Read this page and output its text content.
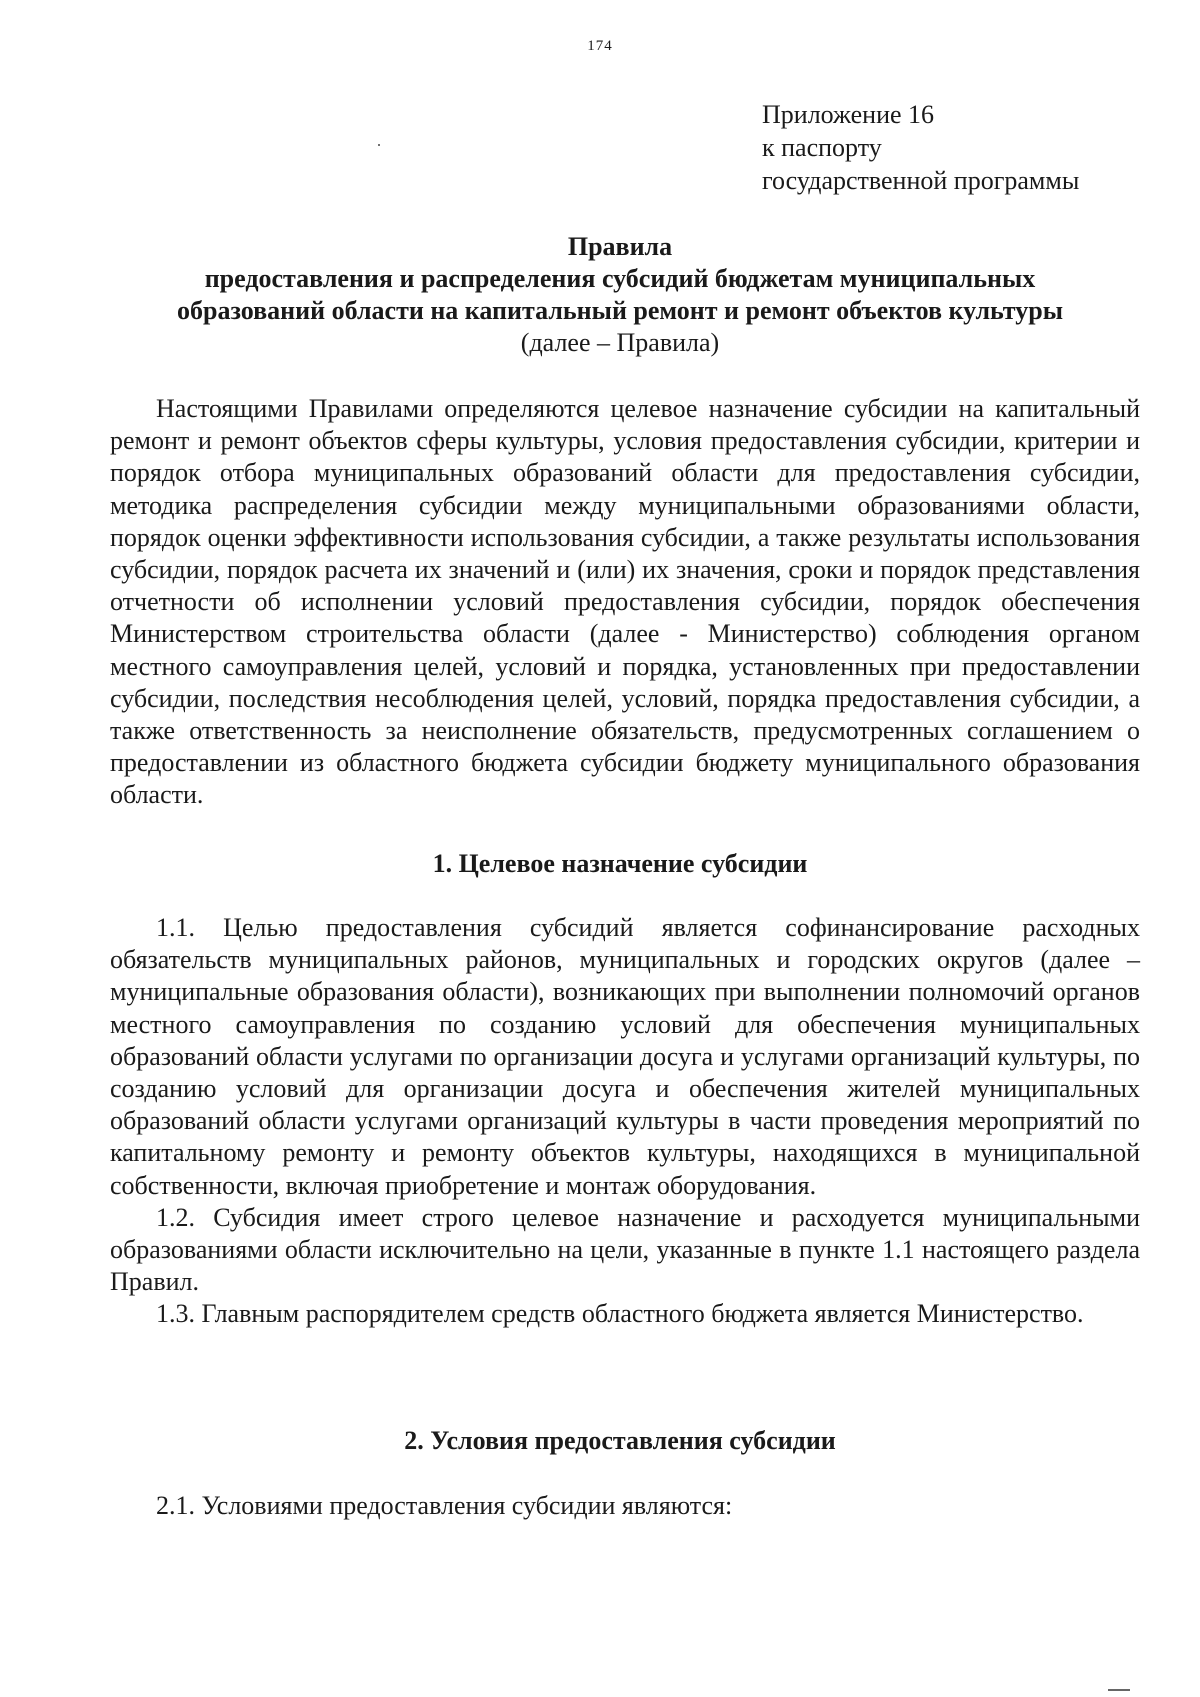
174
Приложение 16
к паспорту
государственной программы
Правила
предоставления и распределения субсидий бюджетам муниципальных
образований области на капитальный ремонт и ремонт объектов культуры
(далее – Правила)

Настоящими Правилами определяются целевое назначение субсидии на капитальный ремонт и ремонт объектов сферы культуры, условия предоставления субсидии, критерии и порядок отбора муниципальных образований области для предоставления субсидии, методика распределения субсидии между муниципальными образованиями области, порядок оценки эффективности использования субсидии, а также результаты использования субсидии, порядок расчета их значений и (или) их значения, сроки и порядок представления отчетности об исполнении условий предоставления субсидии, порядок обеспечения Министерством строительства области (далее - Министерство) соблюдения органом местного самоуправления целей, условий и порядка, установленных при предоставлении субсидии, последствия несоблюдения целей, условий, порядка предоставления субсидии, а также ответственность за неисполнение обязательств, предусмотренных соглашением о предоставлении из областного бюджета субсидии бюджету муниципального образования области.

1. Целевое назначение субсидии

1.1. Целью предоставления субсидий является софинансирование расходных обязательств муниципальных районов, муниципальных и городских округов (далее – муниципальные образования области), возникающих при выполнении полномочий органов местного самоуправления по созданию условий для обеспечения муниципальных образований области услугами по организации досуга и услугами организаций культуры, по созданию условий для организации досуга и обеспечения жителей муниципальных образований области услугами организаций культуры в части проведения мероприятий по капитальному ремонту и ремонту объектов культуры, находящихся в муниципальной собственности, включая приобретение и монтаж оборудования.

1.2. Субсидия имеет строго целевое назначение и расходуется муниципальными образованиями области исключительно на цели, указанные в пункте 1.1 настоящего раздела Правил.

1.3. Главным распорядителем средств областного бюджета является Министерство.

2. Условия предоставления субсидии

2.1. Условиями предоставления субсидии являются:
